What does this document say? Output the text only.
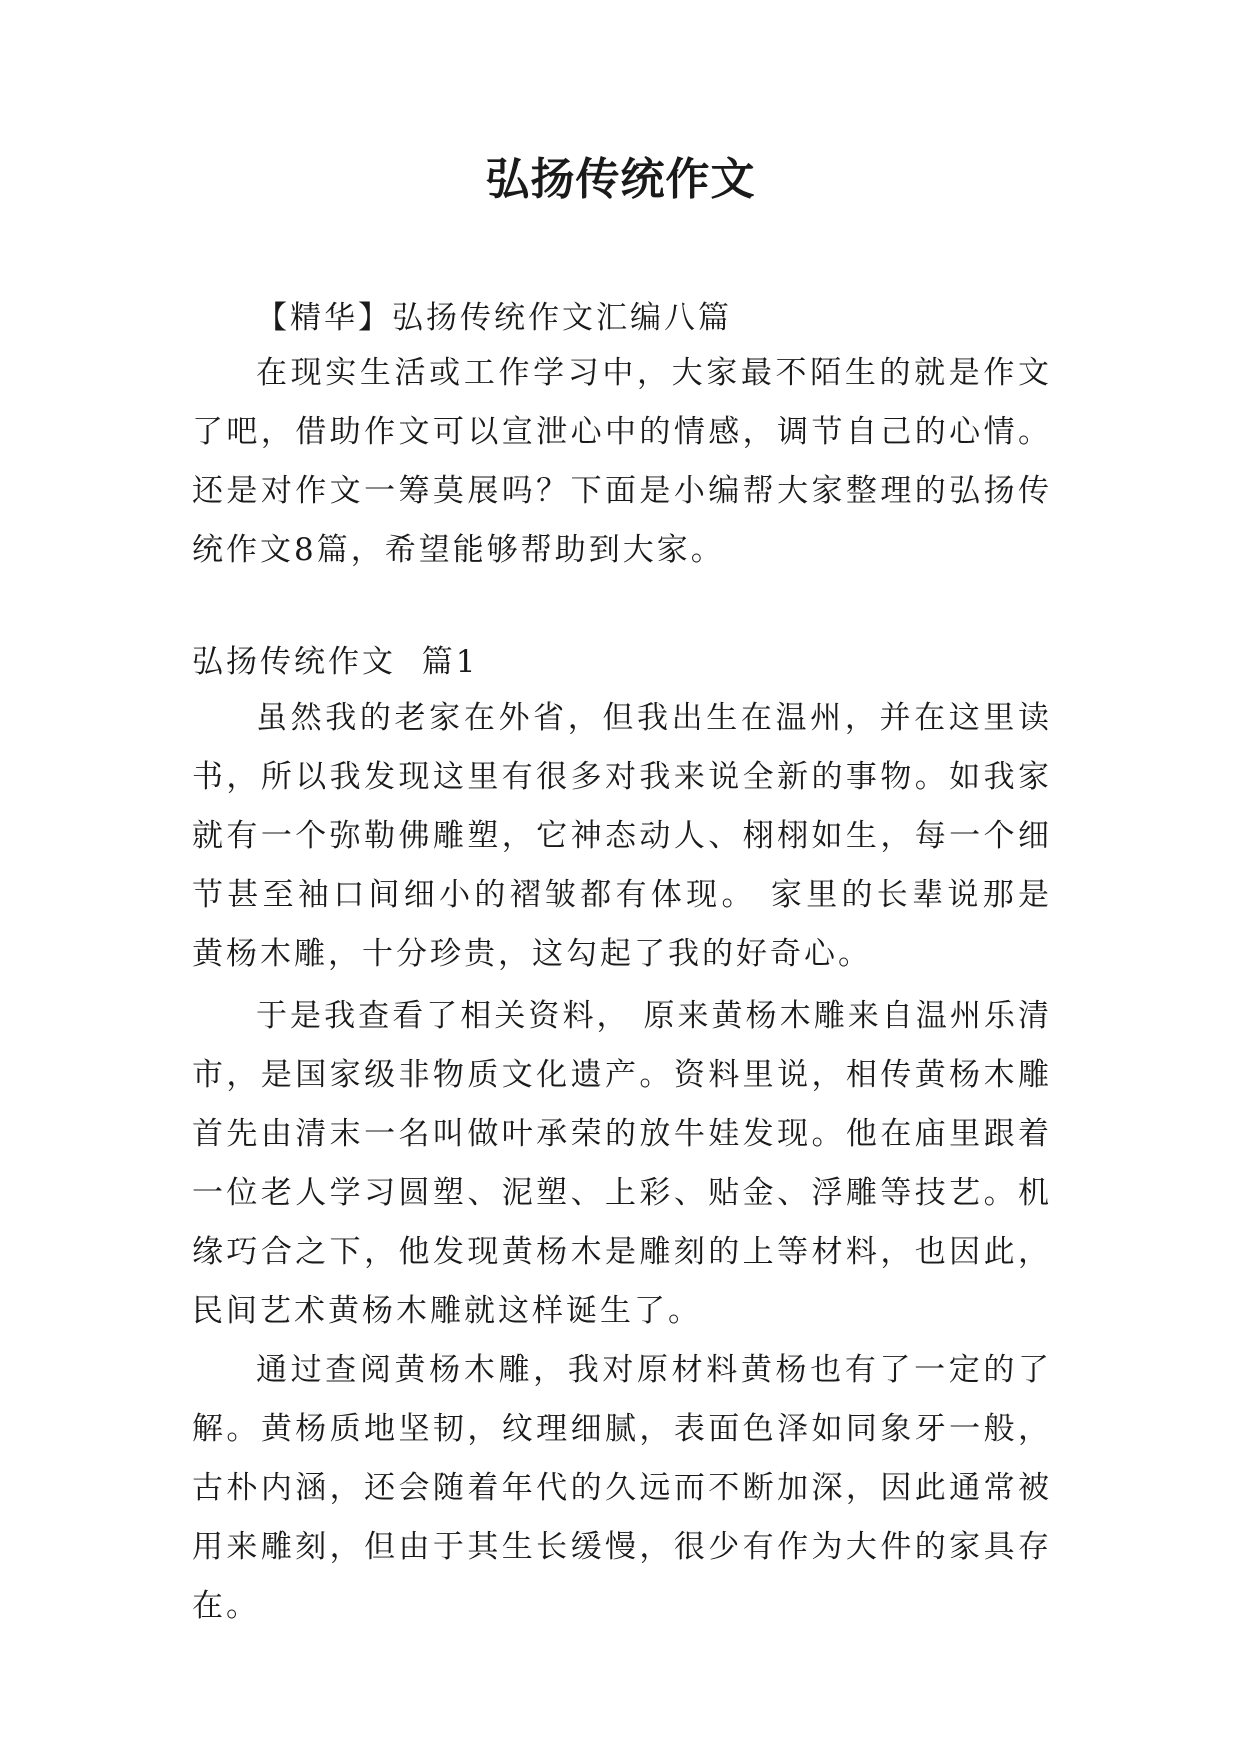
弘扬传统作文

【精华】弘扬传统作文汇编八篇

在现实生活或工作学习中，大家最不陌生的就是作文了吧，借助作文可以宣泄心中的情感，调节自己的心情。还是对作文一筹莫展吗？下面是小编帮大家整理的弘扬传统作文8篇，希望能够帮助到大家。

弘扬传统作文  篇1

虽然我的老家在外省，但我出生在温州，并在这里读书，所以我发现这里有很多对我来说全新的事物。如我家就有一个弥勒佛雕塑，它神态动人、栩栩如生，每一个细节甚至袖口间细小的褶皱都有体现。 家里的长辈说那是黄杨木雕，十分珍贵，这勾起了我的好奇心。

于是我查看了相关资料， 原来黄杨木雕来自温州乐清市，是国家级非物质文化遗产。资料里说，相传黄杨木雕首先由清末一名叫做叶承荣的放牛娃发现。他在庙里跟着一位老人学习圆塑、泥塑、上彩、贴金、浮雕等技艺。机缘巧合之下，他发现黄杨木是雕刻的上等材料，也因此，民间艺术黄杨木雕就这样诞生了。

通过查阅黄杨木雕，我对原材料黄杨也有了一定的了解。黄杨质地坚韧，纹理细腻，表面色泽如同象牙一般，古朴内涵，还会随着年代的久远而不断加深，因此通常被用来雕刻，但由于其生长缓慢，很少有作为大件的家具存在。
